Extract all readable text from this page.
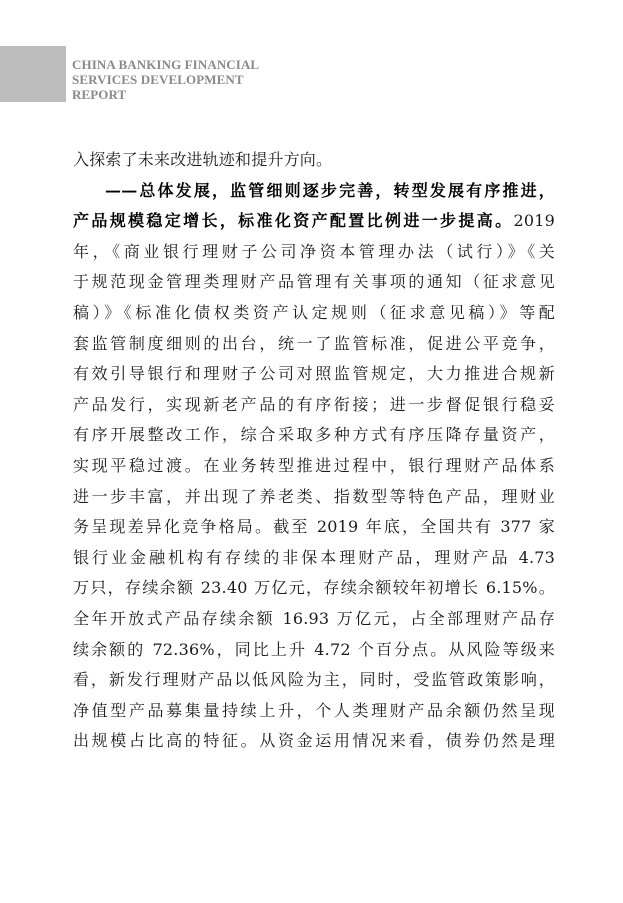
CHINA BANKING FINANCIAL
SERVICES DEVELOPMENT
REPORT
入探索了未来改进轨迹和提升方向。
——总体发展，监管细则逐步完善，转型发展有序推进，
产品规模稳定增长，标准化资产配置比例进一步提高。2019
年，《商业银行理财子公司净资本管理办法（试行）》《关
于规范现金管理类理财产品管理有关事项的通知（征求意见
稿）》《标准化债权类资产认定规则（征求意见稿）》等配
套监管制度细则的出台，统一了监管标准，促进公平竞争，
有效引导银行和理财子公司对照监管规定，大力推进合规新
产品发行，实现新老产品的有序衔接；进一步督促银行稳妥
有序开展整改工作，综合采取多种方式有序压降存量资产，
实现平稳过渡。在业务转型推进过程中，银行理财产品体系
进一步丰富，并出现了养老类、指数型等特色产品，理财业
务呈现差异化竞争格局。截至 2019 年底，全国共有 377 家
银行业金融机构有存续的非保本理财产品，理财产品 4.73
万只，存续余额 23.40 万亿元，存续余额较年初增长 6.15%。
全年开放式产品存续余额 16.93 万亿元，占全部理财产品存
续余额的 72.36%，同比上升 4.72 个百分点。从风险等级来
看，新发行理财产品以低风险为主，同时，受监管政策影响，
净值型产品募集量持续上升，个人类理财产品余额仍然呈现
出规模占比高的特征。从资金运用情况来看，债券仍然是理
